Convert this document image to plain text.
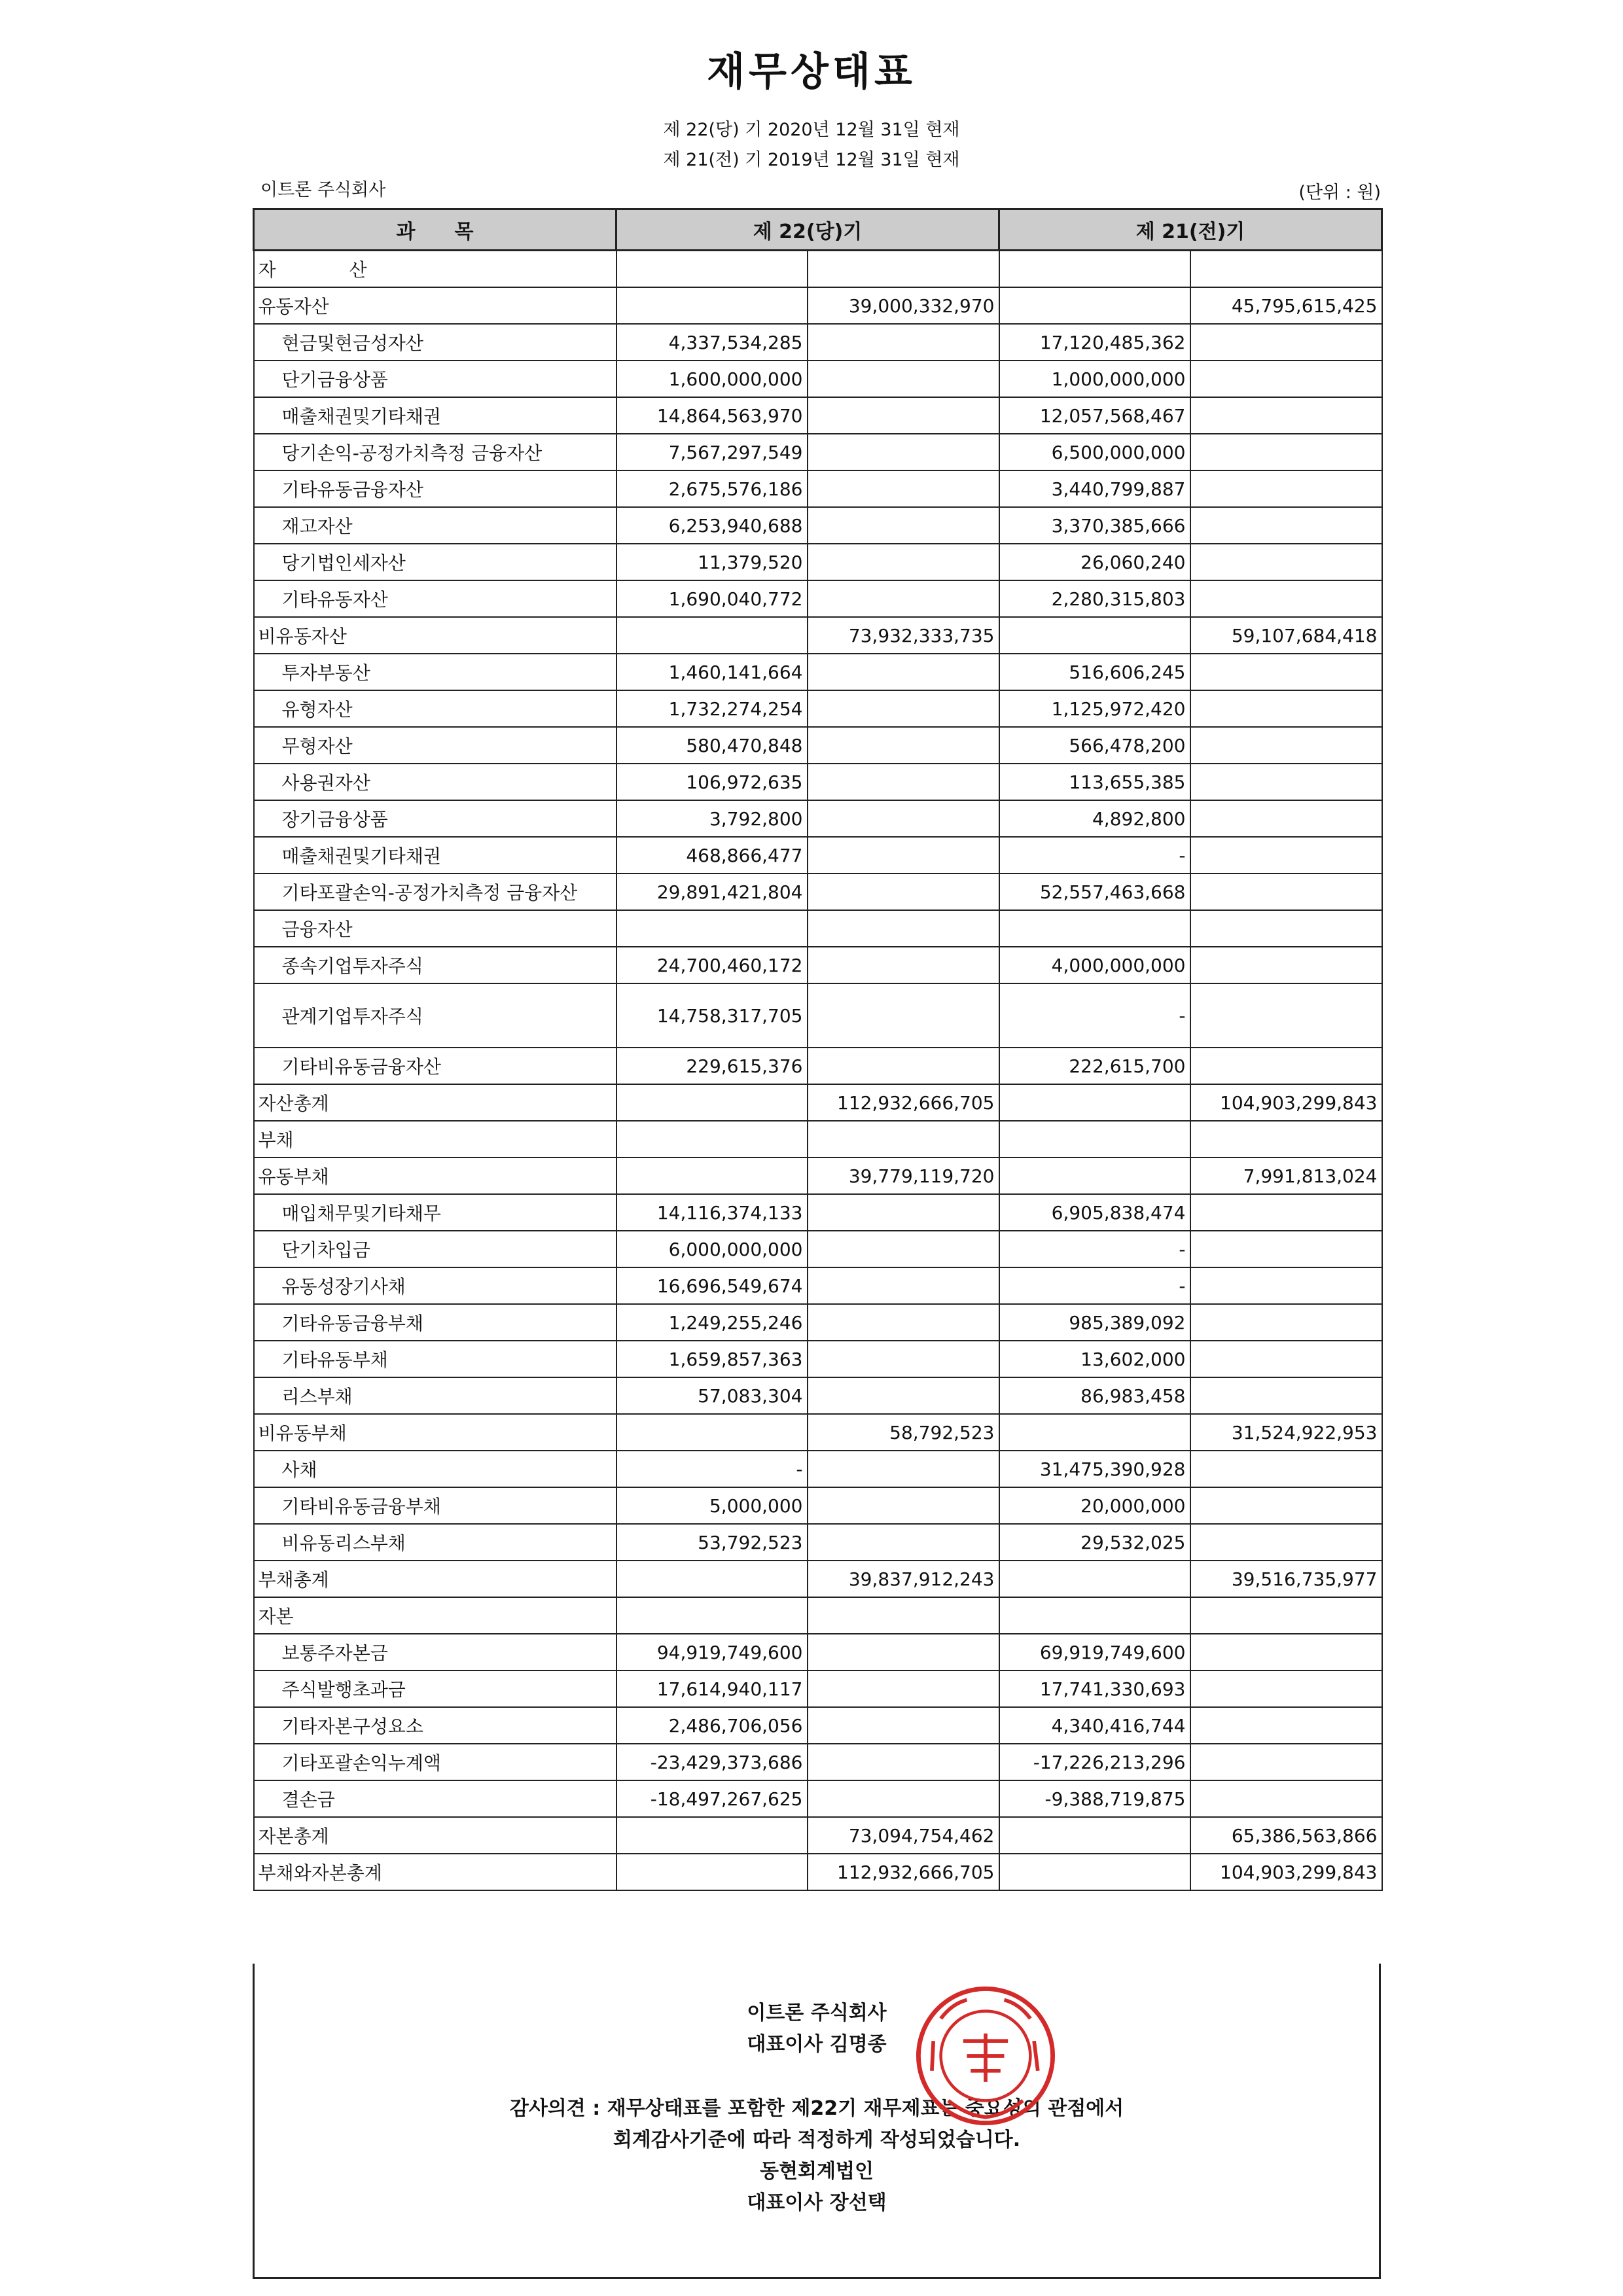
재무상태표
제 22(당) 기 2020년 12월 31일 현재
제 21(전) 기 2019년 12월 31일 현재
이트론 주식회사	(단위 : 원)
과　　목	제 22(당)기		제 21(전)기	
자　　　　산				
유동자산		39,000,332,970		45,795,615,425
현금및현금성자산	4,337,534,285		17,120,485,362	
단기금융상품	1,600,000,000		1,000,000,000	
매출채권및기타채권	14,864,563,970		12,057,568,467	
당기손익-공정가치측정 금융자산	7,567,297,549		6,500,000,000	
기타유동금융자산	2,675,576,186		3,440,799,887	
재고자산	6,253,940,688		3,370,385,666	
당기법인세자산	11,379,520		26,060,240	
기타유동자산	1,690,040,772		2,280,315,803	
비유동자산		73,932,333,735		59,107,684,418
투자부동산	1,460,141,664		516,606,245	
유형자산	1,732,274,254		1,125,972,420	
무형자산	580,470,848		566,478,200	
사용권자산	106,972,635		113,655,385	
장기금융상품	3,792,800		4,892,800	
매출채권및기타채권	468,866,477		-	
기타포괄손익-공정가치측정 금융자산	29,891,421,804		52,557,463,668	
금융자산				
종속기업투자주식	24,700,460,172		4,000,000,000	
관계기업투자주식	14,758,317,705		-	
기타비유동금융자산	229,615,376		222,615,700	
자산총계		112,932,666,705		104,903,299,843
부채				
유동부채		39,779,119,720		7,991,813,024
매입채무및기타채무	14,116,374,133		6,905,838,474	
단기차입금	6,000,000,000		-	
유동성장기사채	16,696,549,674		-	
기타유동금융부채	1,249,255,246		985,389,092	
기타유동부채	1,659,857,363		13,602,000	
리스부채	57,083,304		86,983,458	
비유동부채		58,792,523		31,524,922,953
사채	-		31,475,390,928	
기타비유동금융부채	5,000,000		20,000,000	
비유동리스부채	53,792,523		29,532,025	
부채총계		39,837,912,243		39,516,735,977
자본				
보통주자본금	94,919,749,600		69,919,749,600	
주식발행초과금	17,614,940,117		17,741,330,693	
기타자본구성요소	2,486,706,056		4,340,416,744	
기타포괄손익누계액	-23,429,373,686		-17,226,213,296	
결손금	-18,497,267,625		-9,388,719,875	
자본총계		73,094,754,462		65,386,563,866
부채와자본총계		112,932,666,705		104,903,299,843
이트론 주식회사
대표이사 김명종
감사의견 : 재무상태표를 포함한 제22기 재무제표는 중요성의 관점에서
회계감사기준에 따라 적정하게 작성되었습니다.
동현회계법인
대표이사 장선택
